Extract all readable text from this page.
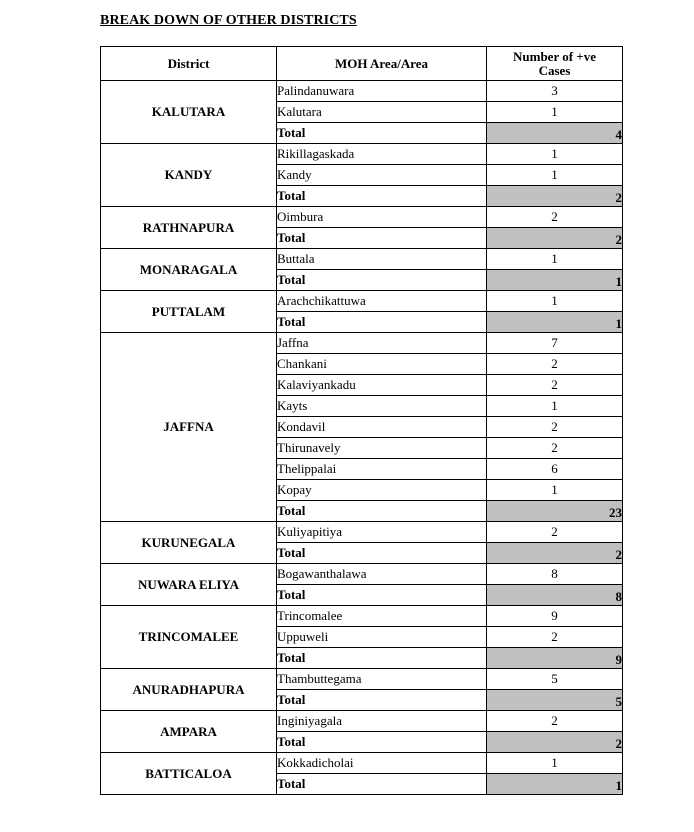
BREAK DOWN OF OTHER DISTRICTS
District	MOH Area/Area	Number of +ve Cases
KALUTARA	Palindanuwara	3
	Kalutara	1
	Total	4
KANDY	Rikillagaskada	1
	Kandy	1
	Total	2
RATHNAPURA	Oimbura	2
	Total	2
MONARAGALA	Buttala	1
	Total	1
PUTTALAM	Arachchikattuwa	1
	Total	1
JAFFNA	Jaffna	7
	Chankani	2
	Kalaviyankadu	2
	Kayts	1
	Kondavil	2
	Thirunavely	2
	Thelippalai	6
	Kopay	1
	Total	23
KURUNEGALA	Kuliyapitiya	2
	Total	2
NUWARA ELIYA	Bogawanthalawa	8
	Total	8
TRINCOMALEE	Trincomalee	9
	Uppuweli	2
	Total	9
ANURADHAPURA	Thambuttegama	5
	Total	5
AMPARA	Inginiyagala	2
	Total	2
BATTICALOA	Kokkadicholai	1
	Total	1
